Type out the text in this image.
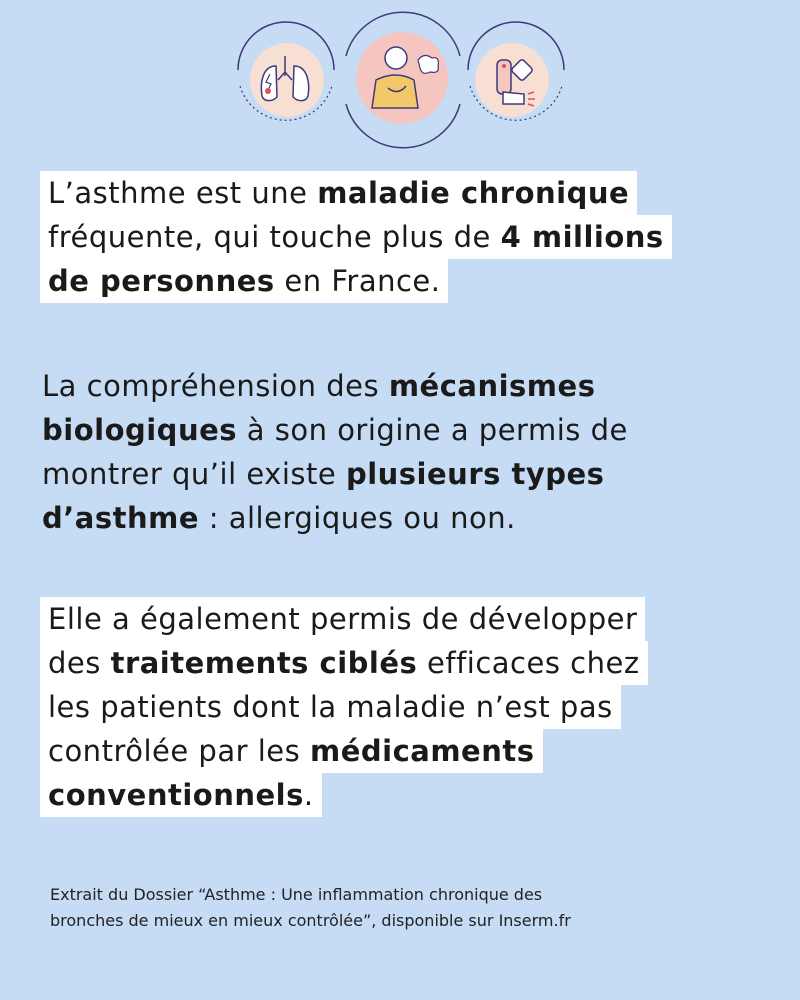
L’asthme est une maladie chronique
fréquente, qui touche plus de 4 millions
de personnes en France.
La compréhension des mécanismes
biologiques à son origine a permis de
montrer qu’il existe plusieurs types
d’asthme : allergiques ou non.
Elle a également permis de développer
des traitements ciblés efficaces chez
les patients dont la maladie n’est pas
contrôlée par les médicaments
conventionnels.
Extrait du Dossier “Asthme : Une inflammation chronique des
bronches de mieux en mieux contrôlée”, disponible sur Inserm.fr
